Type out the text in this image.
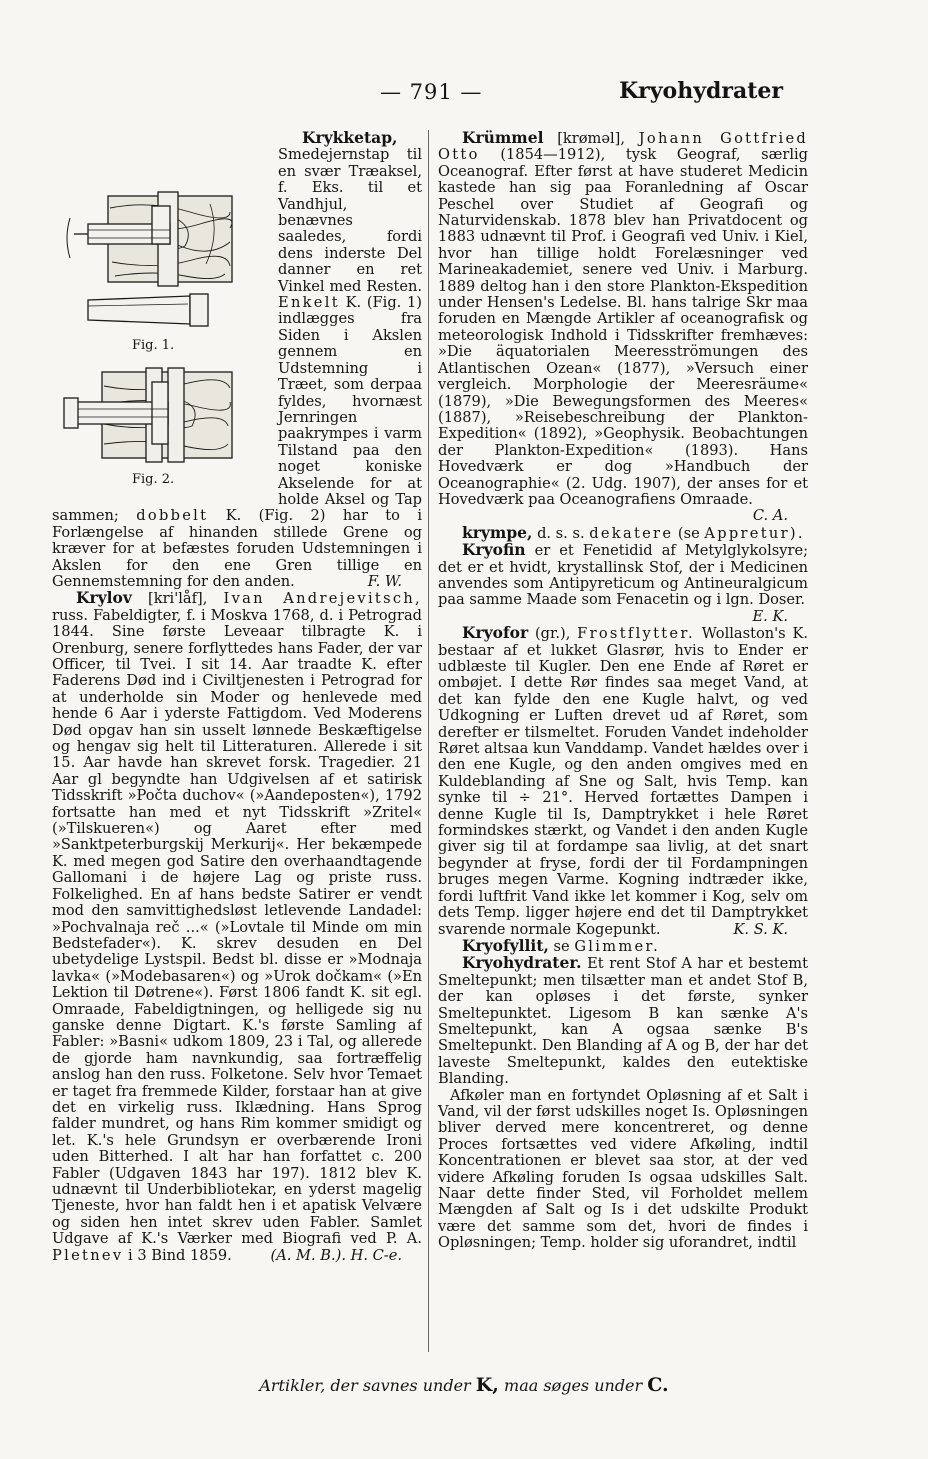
— 791 —	Kryohydrater
Fig. 1.
Fig. 2.

Krykketap, Smedejernstap til en svær Træaksel, f. Eks. til et Vandhjul, benævnes saaledes, fordi dens inderste Del danner en ret Vinkel med Resten. Enkelt K. (Fig. 1) indlægges fra Siden i Akslen gennem en Udstemning i Træet, som derpaa fyldes, hvornæst Jernringen paakrympes i varm Tilstand paa den noget koniske Akselende for at holde Aksel og Tap sammen; dobbelt K. (Fig. 2) har to i Forlængelse af hinanden stillede Grene og kræver for at befæstes foruden Udstemningen i Akslen for den ene Gren tillige en Gennemstemning for den anden.	F. W.

Krylov [kri'låf], Ivan Andrejevitsch, russ. Fabeldigter, f. i Moskva 1768, d. i Petrograd 1844. Sine første Leveaar tilbragte K. i Orenburg, senere forflyttedes hans Fader, der var Officer, til Tvei. I sit 14. Aar traadte K. efter Faderens Død ind i Civiltjenesten i Petrograd for at underholde sin Moder og henlevede med hende 6 Aar i yderste Fattigdom. Ved Moderens Død opgav han sin usselt lønnede Beskæftigelse og hengav sig helt til Litteraturen. Allerede i sit 15. Aar havde han skrevet forsk. Tragedier. 21 Aar gl begyndte han Udgivelsen af et satirisk Tidsskrift »Počta duchov« (»Aandeposten«), 1792 fortsatte han med et nyt Tidsskrift »Zritel« (»Tilskueren«) og Aaret efter med »Sanktpeterburgskij Merkurij«. Her bekæmpede K. med megen god Satire den overhaandtagende Gallomani i de højere Lag og priste russ. Folkelighed. En af hans bedste Satirer er vendt mod den samvittighedsløst letlevende Landadel: »Pochvalnaja reč ...« (»Lovtale til Minde om min Bedstefader«). K. skrev desuden en Del ubetydelige Lystspil. Bedst bl. disse er »Modnaja lavka« (»Modebasaren«) og »Urok dočkam« (»En Lektion til Døtrene«). Først 1806 fandt K. sit egl. Omraade, Fabeldigtningen, og helligede sig nu ganske denne Digtart. K.'s første Samling af Fabler: »Basni« udkom 1809, 23 i Tal, og allerede de gjorde ham navnkundig, saa fortræffelig anslog han den russ. Folketone. Selv hvor Temaet er taget fra fremmede Kilder, forstaar han at give det en virkelig russ. Iklædning. Hans Sprog falder mundret, og hans Rim kommer smidigt og let. K.'s hele Grundsyn er overbærende Ironi uden Bitterhed. I alt har han forfattet c. 200 Fabler (Udgaven 1843 har 197). 1812 blev K. udnævnt til Underbibliotekar, en yderst magelig Tjeneste, hvor han faldt hen i et apatisk Velvære og siden hen intet skrev uden Fabler. Samlet Udgave af K.'s Værker med Biografi ved P. A. Pletnev i 3 Bind 1859.	(A. M. B.). H. C-e.

Krümmel [krøməl], Johann Gottfried Otto (1854—1912), tysk Geograf, særlig Oceanograf. Efter først at have studeret Medicin kastede han sig paa Foranledning af Oscar Peschel over Studiet af Geografi og Naturvidenskab. 1878 blev han Privatdocent og 1883 udnævnt til Prof. i Geografi ved Univ. i Kiel, hvor han tillige holdt Forelæsninger ved Marineakademiet, senere ved Univ. i Marburg. 1889 deltog han i den store Plankton-Ekspedition under Hensen's Ledelse. Bl. hans talrige Skr maa foruden en Mængde Artikler af oceanografisk og meteorologisk Indhold i Tidsskrifter fremhæves: »Die äquatorialen Meeresströmungen des Atlantischen Ozean« (1877), »Versuch einer vergleich. Morphologie der Meeresräume« (1879), »Die Bewegungsformen des Meeres« (1887), »Reisebeschreibung der Plankton-Expedition« (1892), »Geophysik. Beobachtungen der Plankton-Expedition« (1893). Hans Hovedværk er dog »Handbuch der Oceanographie« (2. Udg. 1907), der anses for et Hovedværk paa Oceanografiens Omraade.
C. A.

krympe, d. s. s. dekatere (se Appretur).

Kryofin er et Fenetidid af Metylglykolsyre; det er et hvidt, krystallinsk Stof, der i Medicinen anvendes som Antipyreticum og Antineuralgicum paa samme Maade som Fenacetin og i lgn. Doser.
E. K.

Kryofor (gr.), Frostflytter. Wollaston's K. bestaar af et lukket Glasrør, hvis to Ender er udblæste til Kugler. Den ene Ende af Røret er ombøjet. I dette Rør findes saa meget Vand, at det kan fylde den ene Kugle halvt, og ved Udkogning er Luften drevet ud af Røret, som derefter er tilsmeltet. Foruden Vandet indeholder Røret altsaa kun Vanddamp. Vandet hældes over i den ene Kugle, og den anden omgives med en Kuldeblanding af Sne og Salt, hvis Temp. kan synke til ÷ 21°. Herved fortættes Dampen i denne Kugle til Is, Damptrykket i hele Røret formindskes stærkt, og Vandet i den anden Kugle giver sig til at fordampe saa livlig, at det snart begynder at fryse, fordi der til Fordampningen bruges megen Varme. Kogning indtræder ikke, fordi luftfrit Vand ikke let kommer i Kog, selv om dets Temp. ligger højere end det til Damptrykket svarende normale Kogepunkt.	K. S. K.

Kryofyllit, se Glimmer.

Kryohydrater. Et rent Stof A har et bestemt Smeltepunkt; men tilsætter man et andet Stof B, der kan opløses i det første, synker Smeltepunktet. Ligesom B kan sænke A's Smeltepunkt, kan A ogsaa sænke B's Smeltepunkt. Den Blanding af A og B, der har det laveste Smeltepunkt, kaldes den eutektiske Blanding.

Afkøler man en fortyndet Opløsning af et Salt i Vand, vil der først udskilles noget Is. Opløsningen bliver derved mere koncentreret, og denne Proces fortsættes ved videre Afkøling, indtil Koncentrationen er blevet saa stor, at der ved videre Afkøling foruden Is ogsaa udskilles Salt. Naar dette finder Sted, vil Forholdet mellem Mængden af Salt og Is i det udskilte Produkt være det samme som det, hvori de findes i Opløsningen; Temp. holder sig uforandret, indtil

Artikler, der savnes under K, maa søges under C.
